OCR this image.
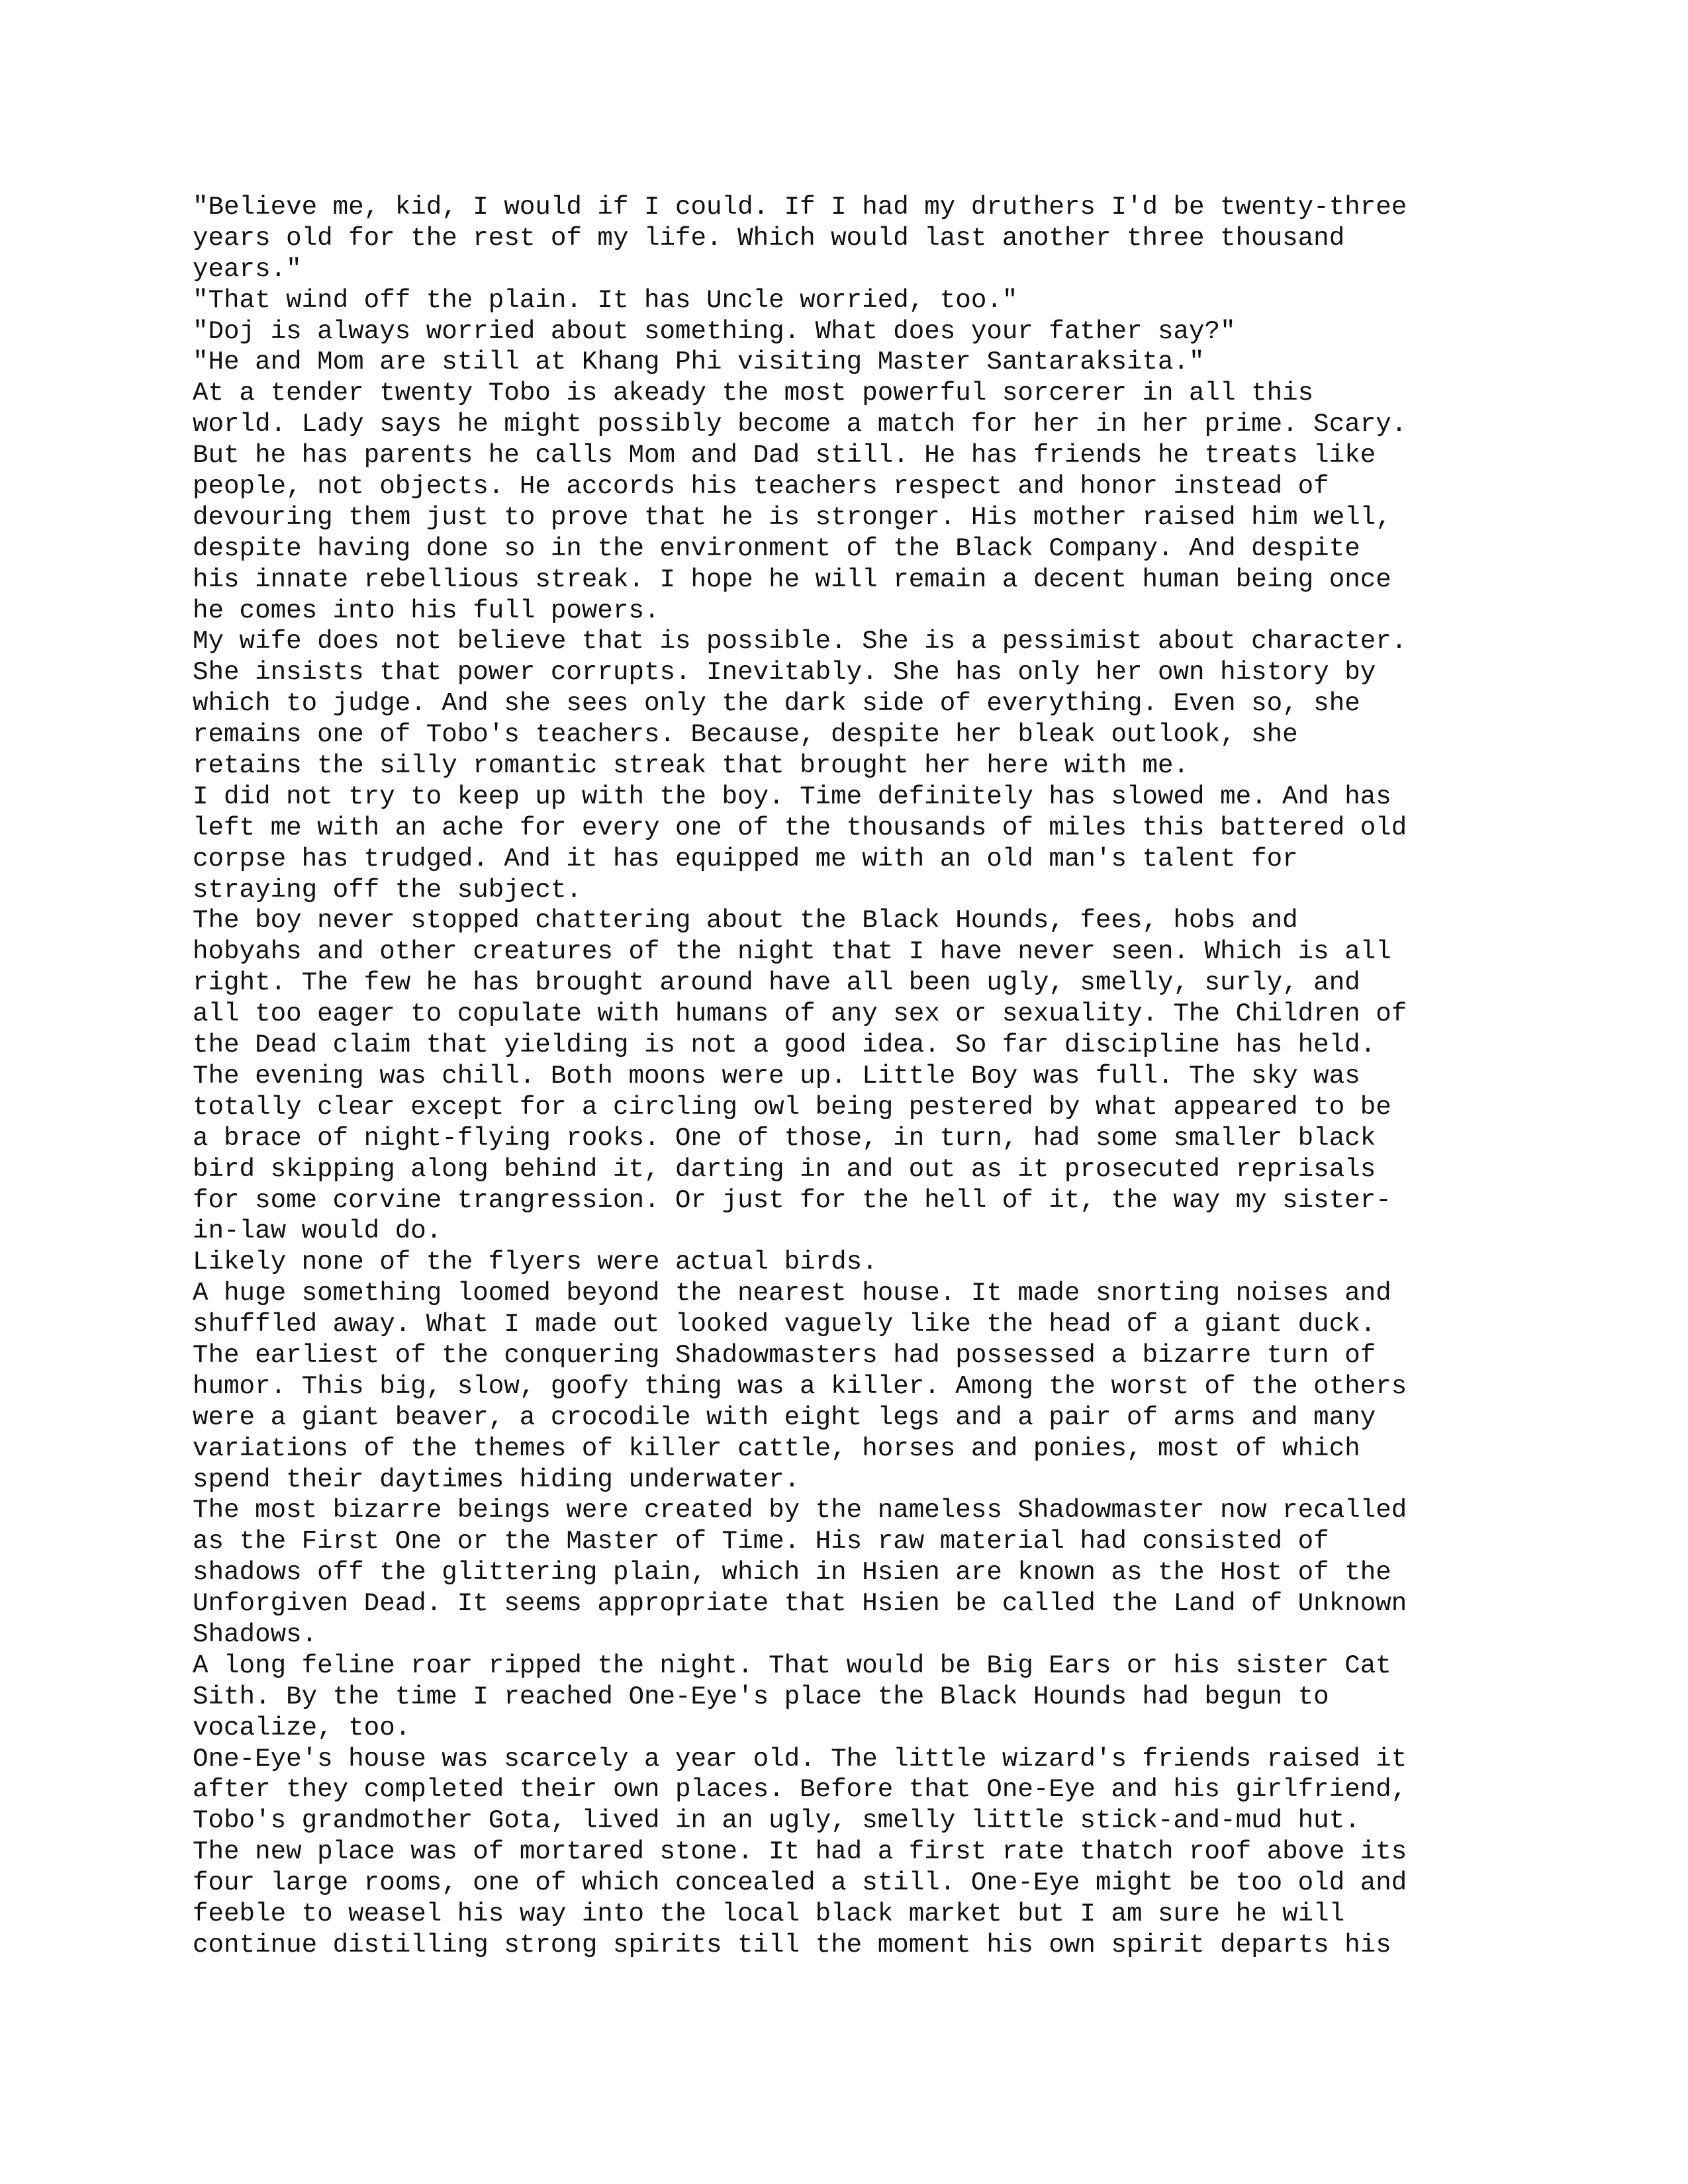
"Believe me, kid, I would if I could. If I had my druthers I'd be twenty-three
years old for the rest of my life. Which would last another three thousand
years."
"That wind off the plain. It has Uncle worried, too."
"Doj is always worried about something. What does your father say?"
"He and Mom are still at Khang Phi visiting Master Santaraksita."
At a tender twenty Tobo is akeady the most powerful sorcerer in all this
world. Lady says he might possibly become a match for her in her prime. Scary.
But he has parents he calls Mom and Dad still. He has friends he treats like
people, not objects. He accords his teachers respect and honor instead of
devouring them just to prove that he is stronger. His mother raised him well,
despite having done so in the environment of the Black Company. And despite
his innate rebellious streak. I hope he will remain a decent human being once
he comes into his full powers.
My wife does not believe that is possible. She is a pessimist about character.
She insists that power corrupts. Inevitably. She has only her own history by
which to judge. And she sees only the dark side of everything. Even so, she
remains one of Tobo's teachers. Because, despite her bleak outlook, she
retains the silly romantic streak that brought her here with me.
I did not try to keep up with the boy. Time definitely has slowed me. And has
left me with an ache for every one of the thousands of miles this battered old
corpse has trudged. And it has equipped me with an old man's talent for
straying off the subject.
The boy never stopped chattering about the Black Hounds, fees, hobs and
hobyahs and other creatures of the night that I have never seen. Which is all
right. The few he has brought around have all been ugly, smelly, surly, and
all too eager to copulate with humans of any sex or sexuality. The Children of
the Dead claim that yielding is not a good idea. So far discipline has held.
The evening was chill. Both moons were up. Little Boy was full. The sky was
totally clear except for a circling owl being pestered by what appeared to be
a brace of night-flying rooks. One of those, in turn, had some smaller black
bird skipping along behind it, darting in and out as it prosecuted reprisals
for some corvine trangression. Or just for the hell of it, the way my sister-
in-law would do.
Likely none of the flyers were actual birds.
A huge something loomed beyond the nearest house. It made snorting noises and
shuffled away. What I made out looked vaguely like the head of a giant duck.
The earliest of the conquering Shadowmasters had possessed a bizarre turn of
humor. This big, slow, goofy thing was a killer. Among the worst of the others
were a giant beaver, a crocodile with eight legs and a pair of arms and many
variations of the themes of killer cattle, horses and ponies, most of which
spend their daytimes hiding underwater.
The most bizarre beings were created by the nameless Shadowmaster now recalled
as the First One or the Master of Time. His raw material had consisted of
shadows off the glittering plain, which in Hsien are known as the Host of the
Unforgiven Dead. It seems appropriate that Hsien be called the Land of Unknown
Shadows.
A long feline roar ripped the night. That would be Big Ears or his sister Cat
Sith. By the time I reached One-Eye's place the Black Hounds had begun to
vocalize, too.
One-Eye's house was scarcely a year old. The little wizard's friends raised it
after they completed their own places. Before that One-Eye and his girlfriend,
Tobo's grandmother Gota, lived in an ugly, smelly little stick-and-mud hut.
The new place was of mortared stone. It had a first rate thatch roof above its
four large rooms, one of which concealed a still. One-Eye might be too old and
feeble to weasel his way into the local black market but I am sure he will
continue distilling strong spirits till the moment his own spirit departs his
